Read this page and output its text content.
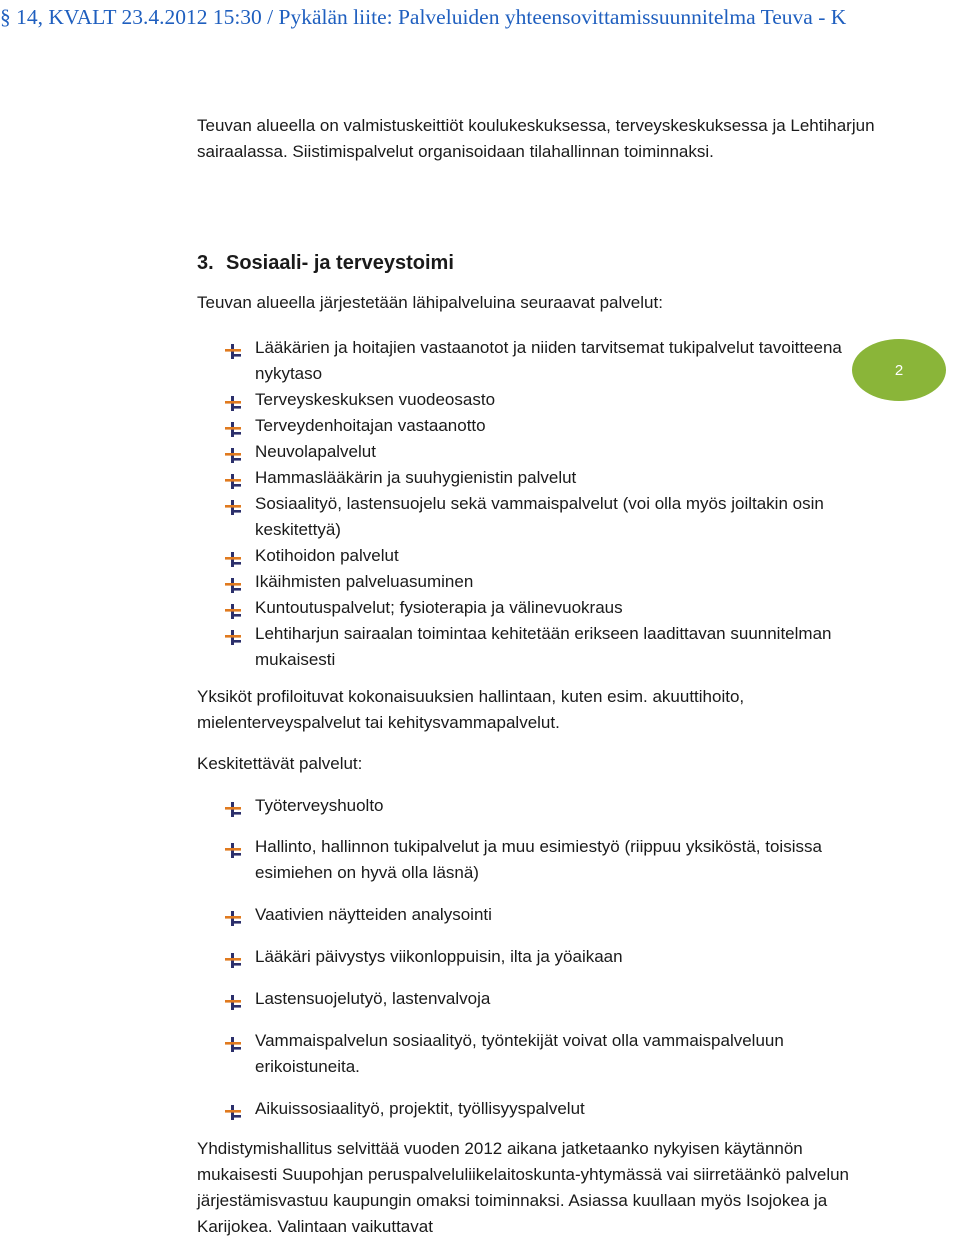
§ 14, KVALT 23.4.2012 15:30 / Pykälän liite: Palveluiden yhteensovittamissuunnitelma Teuva - K

Teuvan alueella on valmistuskeittiöt koulukeskuksessa, terveyskeskuksessa ja Lehtiharjun sairaalassa. Siistimispalvelut organisoidaan tilahallinnan toiminnaksi.

3. Sosiaali- ja terveystoimi

Teuvan alueella järjestetään lähipalveluina seuraavat palvelut:

Lääkärien ja hoitajien vastaanotot ja niiden tarvitsemat tukipalvelut tavoitteena nykytaso
Terveyskeskuksen vuodeosasto
Terveydenhoitajan vastaanotto
Neuvolapalvelut
Hammaslääkärin ja suuhygienistin palvelut
Sosiaalityö, lastensuojelu sekä vammaispalvelut (voi olla myös joiltakin osin keskitettyä)
Kotihoidon palvelut
Ikäihmisten palveluasuminen
Kuntoutuspalvelut; fysioterapia ja välinevuokraus
Lehtiharjun sairaalan toimintaa kehitetään erikseen laadittavan suunnitelman mukaisesti

Yksiköt profiloituvat kokonaisuuksien hallintaan, kuten esim. akuuttihoito, mielenterveyspalvelut tai kehitysvammapalvelut.

Keskitettävät palvelut:

Työterveyshuolto
Hallinto, hallinnon tukipalvelut ja muu esimiestyö (riippuu yksiköstä, toisissa esimiehen on hyvä olla läsnä)
Vaativien näytteiden analysointi
Lääkäri päivystys viikonloppuisin, ilta ja yöaikaan
Lastensuojelutyö, lastenvalvoja
Vammaispalvelun sosiaalityö, työntekijät voivat olla vammaispalveluun erikoistuneita.
Aikuissosiaalityö, projektit, työllisyyspalvelut

Yhdistymishallitus selvittää vuoden 2012 aikana jatketaanko nykyisen käytännön mukaisesti Suupohjan peruspalveluliikelaitoskunta-yhtymässä vai siirretäänkö palvelun järjestämisvastuu kaupungin omaksi toiminnaksi. Asiassa kuullaan myös Isojokea ja Karijokea. Valintaan vaikuttavat

2
